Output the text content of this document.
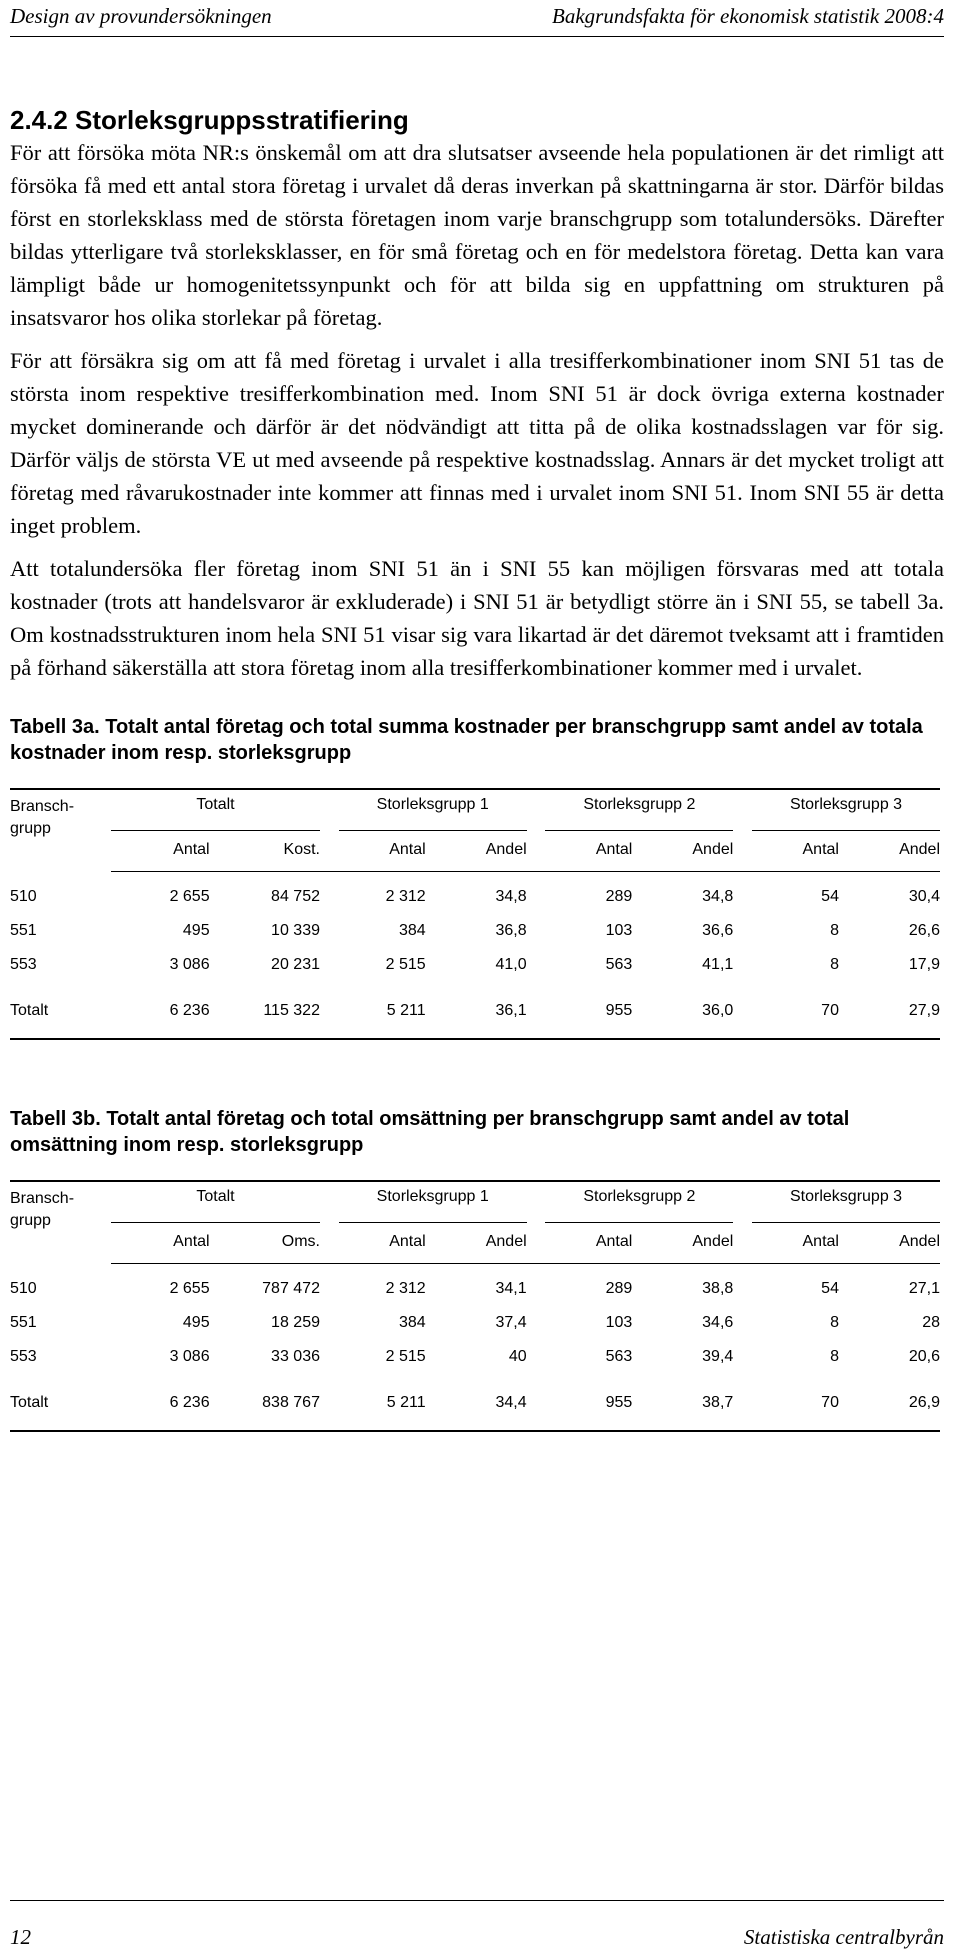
Design av provundersökningen	Bakgrundsfakta för ekonomisk statistik 2008:4
2.4.2 Storleksgruppsstratifiering

För att försöka möta NR:s önskemål om att dra slutsatser avseende hela populationen är det rimligt att försöka få med ett antal stora företag i urvalet då deras inverkan på skattningarna är stor. Därför bildas först en storleksklass med de största företagen inom varje branschgrupp som totalundersöks. Därefter bildas ytterligare två storleksklasser, en för små företag och en för medelstora företag. Detta kan vara lämpligt både ur homogenitetssynpunkt och för att bilda sig en uppfattning om strukturen på insatsvaror hos olika storlekar på företag.

För att försäkra sig om att få med företag i urvalet i alla tresifferkombinationer inom SNI 51 tas de största inom respektive tresifferkombination med. Inom SNI 51 är dock övriga externa kostnader mycket dominerande och därför är det nödvändigt att titta på de olika kostnadsslagen var för sig. Därför väljs de största VE ut med avseende på respektive kostnadsslag. Annars är det mycket troligt att företag med råvarukostnader inte kommer att finnas med i urvalet inom SNI 51. Inom SNI 55 är detta inget problem.

Att totalundersöka fler företag inom SNI 51 än i SNI 55 kan möjligen försvaras med att totala kostnader (trots att handelsvaror är exkluderade) i SNI 51 är betydligt större än i SNI 55, se tabell 3a. Om kostnadsstrukturen inom hela SNI 51 visar sig vara likartad är det däremot tveksamt att i framtiden på förhand säkerställa att stora företag inom alla tresifferkombinationer kommer med i urvalet.

Tabell 3a. Totalt antal företag och total summa kostnader per branschgrupp samt andel av totala kostnader inom resp. storleksgrupp

Bransch-grupp	Totalt			Storleksgrupp 1			Storleksgrupp 2			Storleksgrupp 3	
	Antal	Kost.		Antal	Andel		Antal	Andel		Antal	Andel

510	2 655	84 752		2 312	34,8		289	34,8		54	30,4
551	495	10 339		384	36,8		103	36,6		8	26,6
553	3 086	20 231		2 515	41,0		563	41,1		8	17,9

Totalt	6 236	115 322		5 211	36,1		955	36,0		70	27,9

Tabell 3b. Totalt antal företag och total omsättning per branschgrupp samt andel av total omsättning inom resp. storleksgrupp

Bransch-grupp	Totalt			Storleksgrupp 1			Storleksgrupp 2			Storleksgrupp 3	
	Antal	Oms.		Antal	Andel		Antal	Andel		Antal	Andel

510	2 655	787 472		2 312	34,1		289	38,8		54	27,1
551	495	18 259		384	37,4		103	34,6		8	28
553	3 086	33 036		2 515	40		563	39,4		8	20,6

Totalt	6 236	838 767		5 211	34,4		955	38,7		70	26,9
12	Statistiska centralbyrån
